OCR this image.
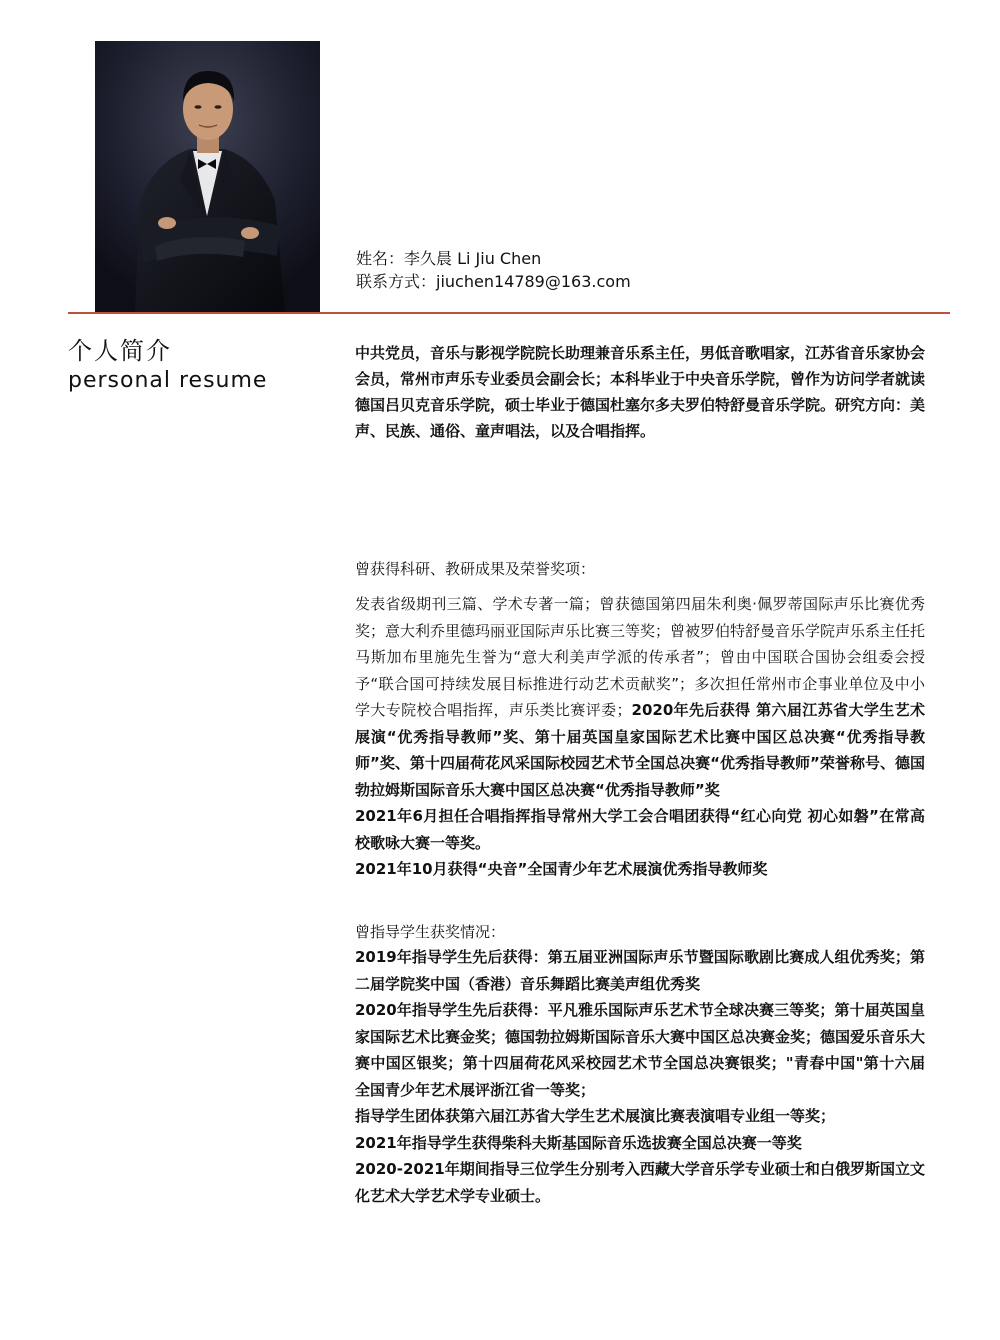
姓名：李久晨 Li Jiu Chen
联系方式：jiuchen14789@163.com
个人简介
personal resume
中共党员，音乐与影视学院院长助理兼音乐系主任，男低音歌唱家，江苏省音乐家协会会员，常州市声乐专业委员会副会长；本科毕业于中央音乐学院，曾作为访问学者就读德国吕贝克音乐学院，硕士毕业于德国杜塞尔多夫罗伯特舒曼音乐学院。研究方向：美声、民族、通俗、童声唱法，以及合唱指挥。
曾获得科研、教研成果及荣誉奖项：

发表省级期刊三篇、学术专著一篇；曾获德国第四届朱利奥·佩罗蒂国际声乐比赛优秀奖；意大利乔里德玛丽亚国际声乐比赛三等奖；曾被罗伯特舒曼音乐学院声乐系主任托马斯加布里施先生誉为“意大利美声学派的传承者”；曾由中国联合国协会组委会授予“联合国可持续发展目标推进行动艺术贡献奖”；多次担任常州市企事业单位及中小学大专院校合唱指挥，声乐类比赛评委；2020年先后获得 第六届江苏省大学生艺术展演“优秀指导教师”奖、第十届英国皇家国际艺术比赛中国区总决赛“优秀指导教师”奖、第十四届荷花风采国际校园艺术节全国总决赛“优秀指导教师”荣誉称号、德国勃拉姆斯国际音乐大赛中国区总决赛“优秀指导教师”奖

2021年6月担任合唱指挥指导常州大学工会合唱团获得“红心向党 初心如磐”在常高校歌咏大赛一等奖。

2021年10月获得“央音”全国青少年艺术展演优秀指导教师奖

曾指导学生获奖情况：

2019年指导学生先后获得：第五届亚洲国际声乐节暨国际歌剧比赛成人组优秀奖；第二届学院奖中国（香港）音乐舞蹈比赛美声组优秀奖

2020年指导学生先后获得：平凡雅乐国际声乐艺术节全球决赛三等奖；第十届英国皇家国际艺术比赛金奖；德国勃拉姆斯国际音乐大赛中国区总决赛金奖；德国爱乐音乐大赛中国区银奖；第十四届荷花风采校园艺术节全国总决赛银奖；"青春中国"第十六届全国青少年艺术展评浙江省一等奖；

指导学生团体获第六届江苏省大学生艺术展演比赛表演唱专业组一等奖；

2021年指导学生获得柴科夫斯基国际音乐选拔赛全国总决赛一等奖

2020-2021年期间指导三位学生分别考入西藏大学音乐学专业硕士和白俄罗斯国立文化艺术大学艺术学专业硕士。
